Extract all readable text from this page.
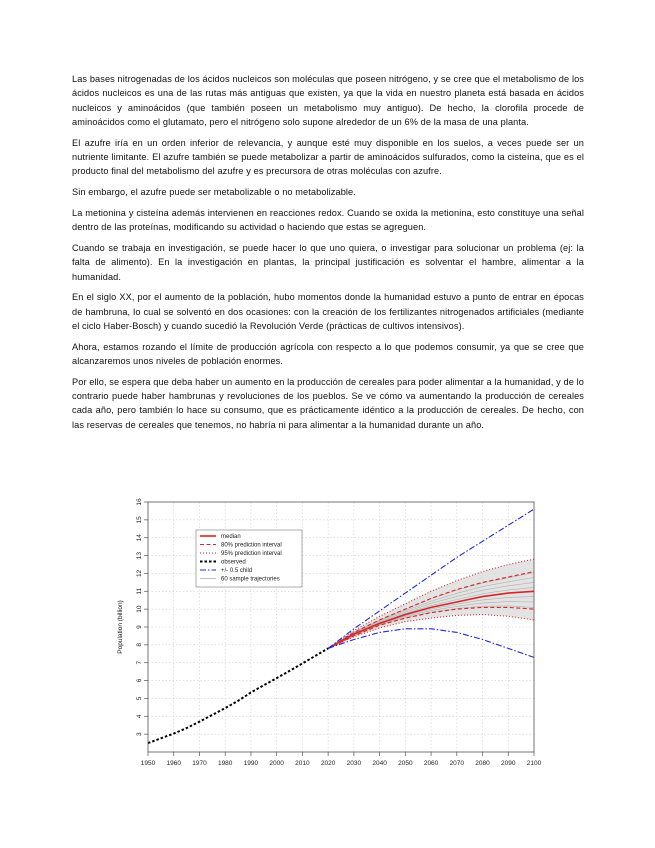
Las bases nitrogenadas de los ácidos nucleicos son moléculas que poseen nitrógeno, y se cree que el metabolismo de los ácidos nucleicos es una de las rutas más antiguas que existen, ya que la vida en nuestro planeta está basada en ácidos nucleicos y aminoácidos (que también poseen un metabolismo muy antiguo). De hecho, la clorofila procede de aminoácidos como el glutamato, pero el nitrógeno solo supone alrededor de un 6% de la masa de una planta.

El azufre iría en un orden inferior de relevancia, y aunque esté muy disponible en los suelos, a veces puede ser un nutriente limitante. El azufre también se puede metabolizar a partir de aminoácidos sulfurados, como la cisteína, que es el producto final del metabolismo del azufre y es precursora de otras moléculas con azufre.

Sin embargo, el azufre puede ser metabolizable o no metabolizable.

La metionina y cisteína además intervienen en reacciones redox. Cuando se oxida la metionina, esto constituye una señal dentro de las proteínas, modificando su actividad o haciendo que estas se agreguen.

Cuando se trabaja en investigación, se puede hacer lo que uno quiera, o investigar para solucionar un problema (ej: la falta de alimento). En la investigación en plantas, la principal justificación es solventar el hambre, alimentar a la humanidad.

En el siglo XX, por el aumento de la población, hubo momentos donde la humanidad estuvo a punto de entrar en épocas de hambruna, lo cual se solventó en dos ocasiones: con la creación de los fertilizantes nitrogenados artificiales (mediante el ciclo Haber-Bosch) y cuando sucedió la Revolución Verde (prácticas de cultivos intensivos).

Ahora, estamos rozando el límite de producción agrícola con respecto a lo que podemos consumir, ya que se cree que alcanzaremos unos niveles de población enormes.

Por ello, se espera que deba haber un aumento en la producción de cereales para poder alimentar a la humanidad, y de lo contrario puede haber hambrunas y revoluciones de los pueblos. Se ve cómo va aumentando la producción de cereales cada año, pero también lo hace su consumo, que es prácticamente idéntico a la producción de cereales. De hecho, con las reservas de cereales que tenemos, no habría ni para alimentar a la humanidad durante un año.

1950 1960 1970 1980 1990 2000 2010 2020 2030 2040 2050 2060 2070 2080 2090 2100
3
4
5
6
7
8
9
10
11
12
13
14
15
16
median
80% prediction interval
95% prediction interval
observed
+/- 0.5 child
60 sample trajectories
Population (billion)
